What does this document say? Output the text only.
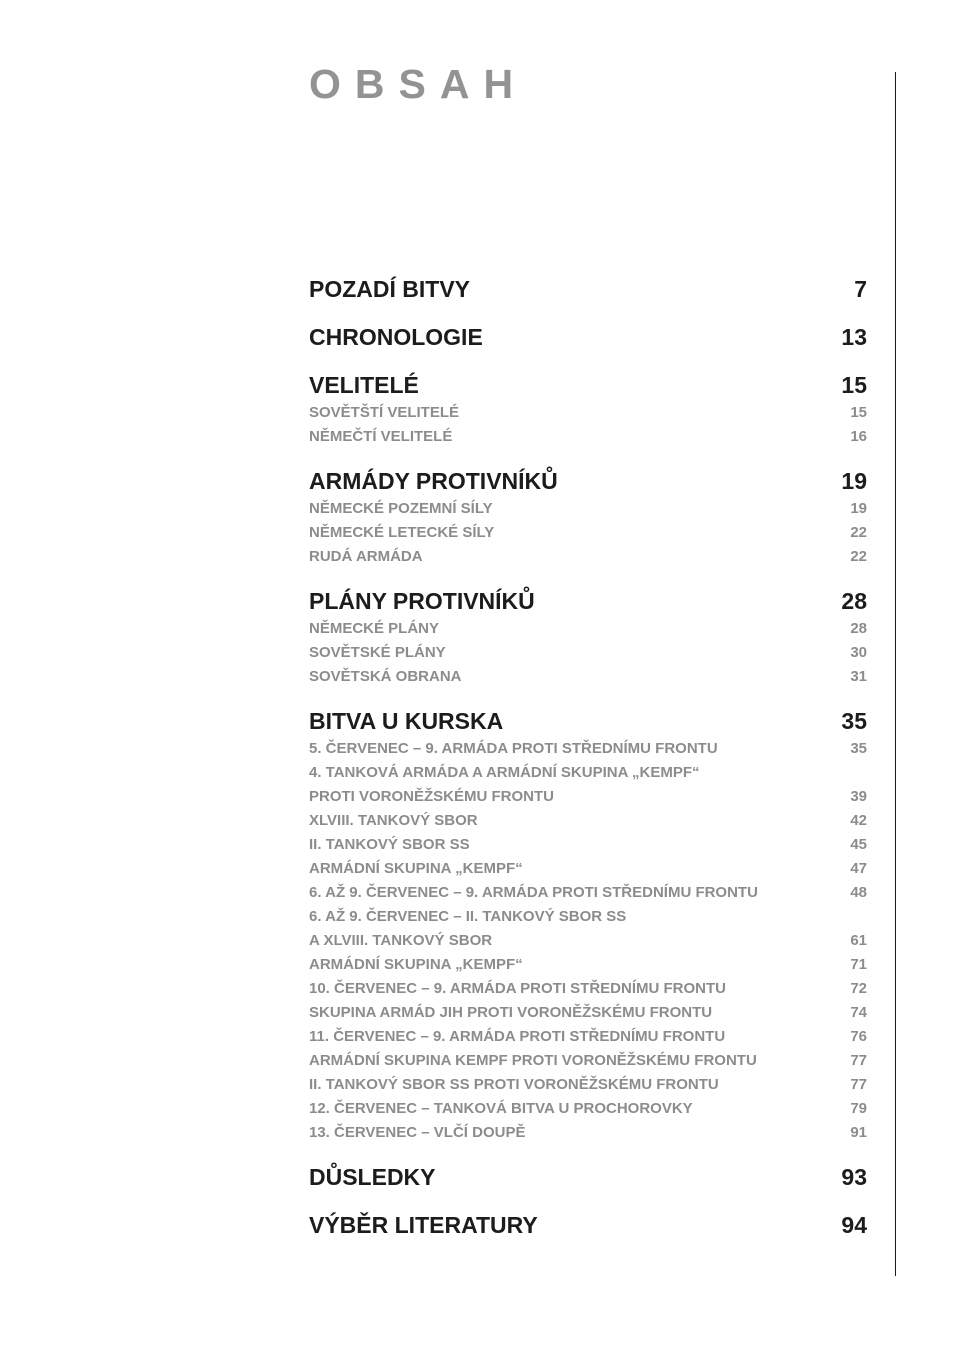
OBSAH
POZADÍ BITVY	7
CHRONOLOGIE	13
VELITELÉ	15
SOVĚTŠTÍ VELITELÉ	15
NĚMEČTÍ VELITELÉ	16
ARMÁDY PROTIVNÍKŮ	19
NĚMECKÉ POZEMNÍ SÍLY	19
NĚMECKÉ LETECKÉ SÍLY	22
RUDÁ ARMÁDA	22
PLÁNY PROTIVNÍKŮ	28
NĚMECKÉ PLÁNY	28
SOVĚTSKÉ PLÁNY	30
SOVĚTSKÁ OBRANA	31
BITVA U KURSKA	35
5. ČERVENEC – 9. ARMÁDA PROTI STŘEDNÍMU FRONTU	35
4. TANKOVÁ ARMÁDA A ARMÁDNÍ SKUPINA „KEMPF“
PROTI VORONĚŽSKÉMU FRONTU	39
XLVIII. TANKOVÝ SBOR	42
II. TANKOVÝ SBOR SS	45
ARMÁDNÍ SKUPINA „KEMPF“	47
6. AŽ 9. ČERVENEC – 9. ARMÁDA PROTI STŘEDNÍMU FRONTU	48
6. AŽ 9. ČERVENEC – II. TANKOVÝ SBOR SS
A XLVIII. TANKOVÝ SBOR	61
ARMÁDNÍ SKUPINA „KEMPF“	71
10. ČERVENEC – 9. ARMÁDA PROTI STŘEDNÍMU FRONTU	72
SKUPINA ARMÁD JIH PROTI VORONĚŽSKÉMU FRONTU	74
11. ČERVENEC – 9. ARMÁDA PROTI STŘEDNÍMU FRONTU	76
ARMÁDNÍ SKUPINA KEMPF PROTI VORONĚŽSKÉMU FRONTU	77
II. TANKOVÝ SBOR SS PROTI VORONĚŽSKÉMU FRONTU	77
12. ČERVENEC – TANKOVÁ BITVA U PROCHOROVKY	79
13. ČERVENEC – VLČÍ DOUPĚ	91
DŮSLEDKY	93
VÝBĚR LITERATURY	94
